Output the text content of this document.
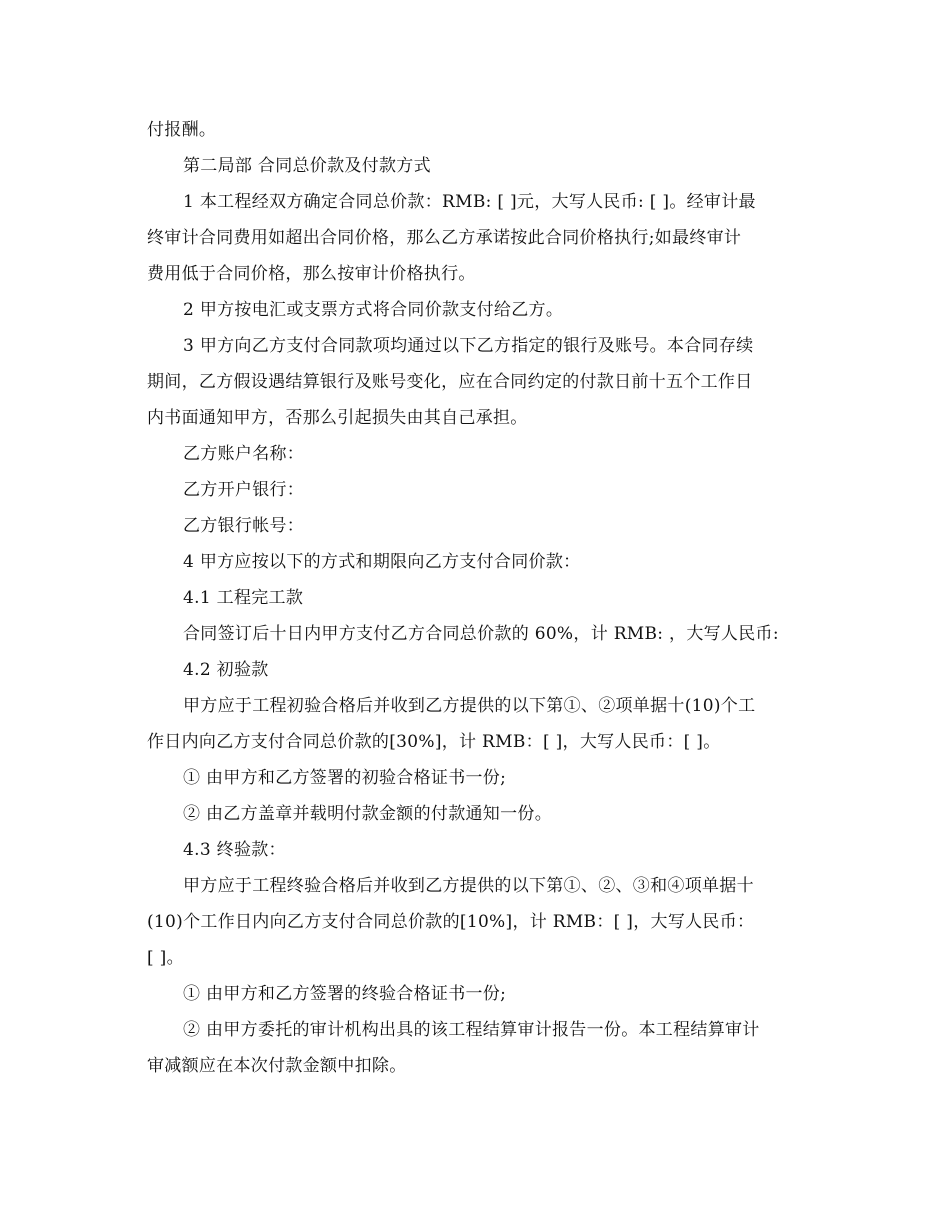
付报酬。
第二局部 合同总价款及付款方式
1 本工程经双方确定合同总价款：RMB: [ ]元，大写人民币: [ ]。经审计最
终审计合同费用如超出合同价格，那么乙方承诺按此合同价格执行;如最终审计
费用低于合同价格，那么按审计价格执行。
2 甲方按电汇或支票方式将合同价款支付给乙方。
3 甲方向乙方支付合同款项均通过以下乙方指定的银行及账号。本合同存续
期间，乙方假设遇结算银行及账号变化，应在合同约定的付款日前十五个工作日
内书面通知甲方，否那么引起损失由其自己承担。
乙方账户名称：
乙方开户银行：
乙方银行帐号：
4 甲方应按以下的方式和期限向乙方支付合同价款：
4.1 工程完工款
合同签订后十日内甲方支付乙方合同总价款的 60%，计 RMB: ，大写人民币:
4.2 初验款
甲方应于工程初验合格后并收到乙方提供的以下第①、②项单据十(10)个工
作日内向乙方支付合同总价款的[30%]，计 RMB：[ ]，大写人民币：[ ]。
① 由甲方和乙方签署的初验合格证书一份;
② 由乙方盖章并载明付款金额的付款通知一份。
4.3 终验款：
甲方应于工程终验合格后并收到乙方提供的以下第①、②、③和④项单据十
(10)个工作日内向乙方支付合同总价款的[10%]，计 RMB：[ ]，大写人民币：
[ ]。
① 由甲方和乙方签署的终验合格证书一份;
② 由甲方委托的审计机构出具的该工程结算审计报告一份。本工程结算审计
审减额应在本次付款金额中扣除。
